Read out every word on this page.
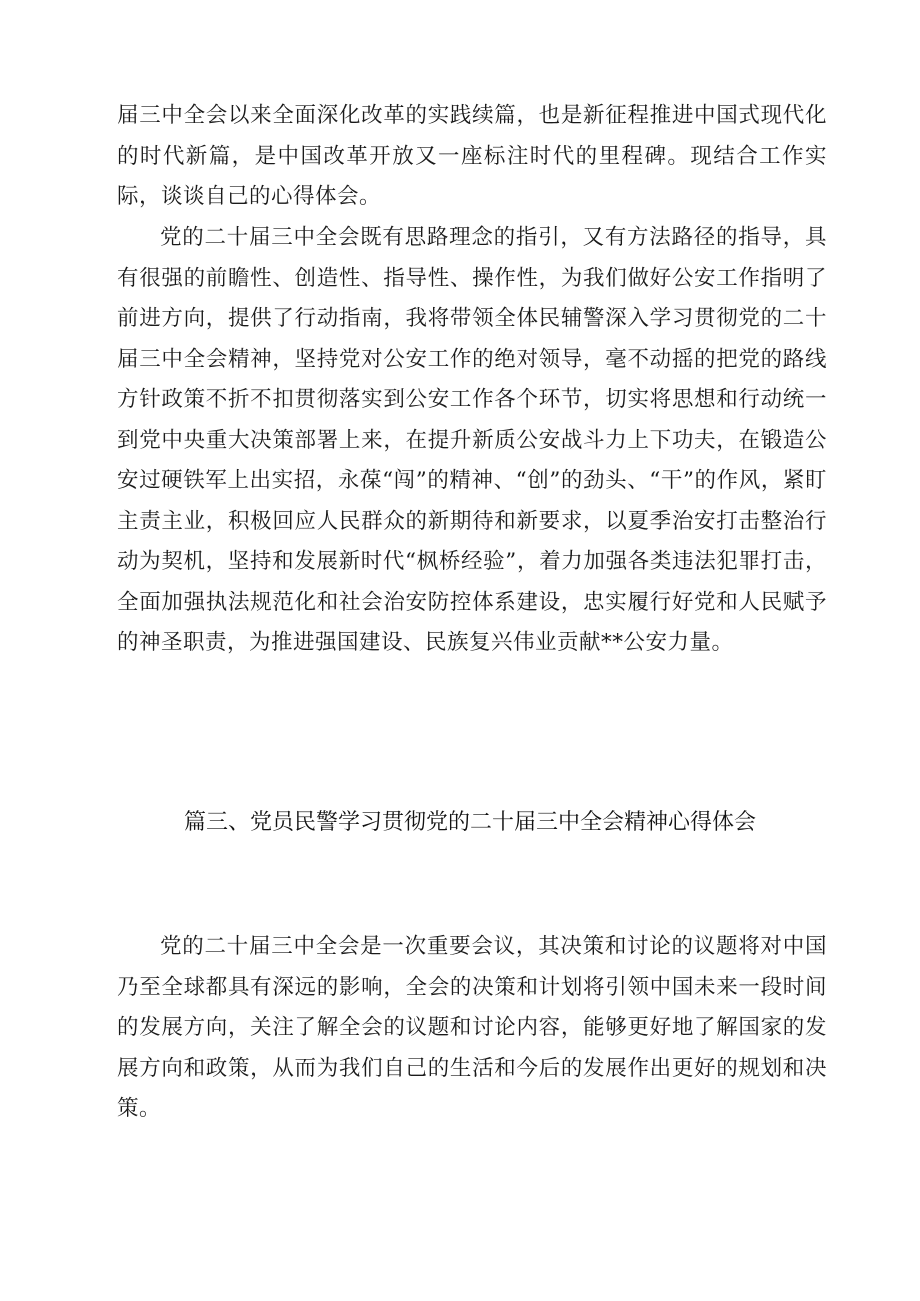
届三中全会以来全面深化改革的实践续篇，也是新征程推进中国式现代化的时代新篇，是中国改革开放又一座标注时代的里程碑。现结合工作实际，谈谈自己的心得体会。

党的二十届三中全会既有思路理念的指引，又有方法路径的指导，具有很强的前瞻性、创造性、指导性、操作性，为我们做好公安工作指明了前进方向，提供了行动指南，我将带领全体民辅警深入学习贯彻党的二十届三中全会精神，坚持党对公安工作的绝对领导，毫不动摇的把党的路线方针政策不折不扣贯彻落实到公安工作各个环节，切实将思想和行动统一到党中央重大决策部署上来，在提升新质公安战斗力上下功夫，在锻造公安过硬铁军上出实招，永葆“闯”的精神、“创”的劲头、“干”的作风，紧盯主责主业，积极回应人民群众的新期待和新要求，以夏季治安打击整治行动为契机，坚持和发展新时代“枫桥经验”，着力加强各类违法犯罪打击，全面加强执法规范化和社会治安防控体系建设，忠实履行好党和人民赋予的神圣职责，为推进强国建设、民族复兴伟业贡献**公安力量。

篇三、党员民警学习贯彻党的二十届三中全会精神心得体会

党的二十届三中全会是一次重要会议，其决策和讨论的议题将对中国乃至全球都具有深远的影响，全会的决策和计划将引领中国未来一段时间的发展方向，关注了解全会的议题和讨论内容，能够更好地了解国家的发展方向和政策，从而为我们自己的生活和今后的发展作出更好的规划和决策。
